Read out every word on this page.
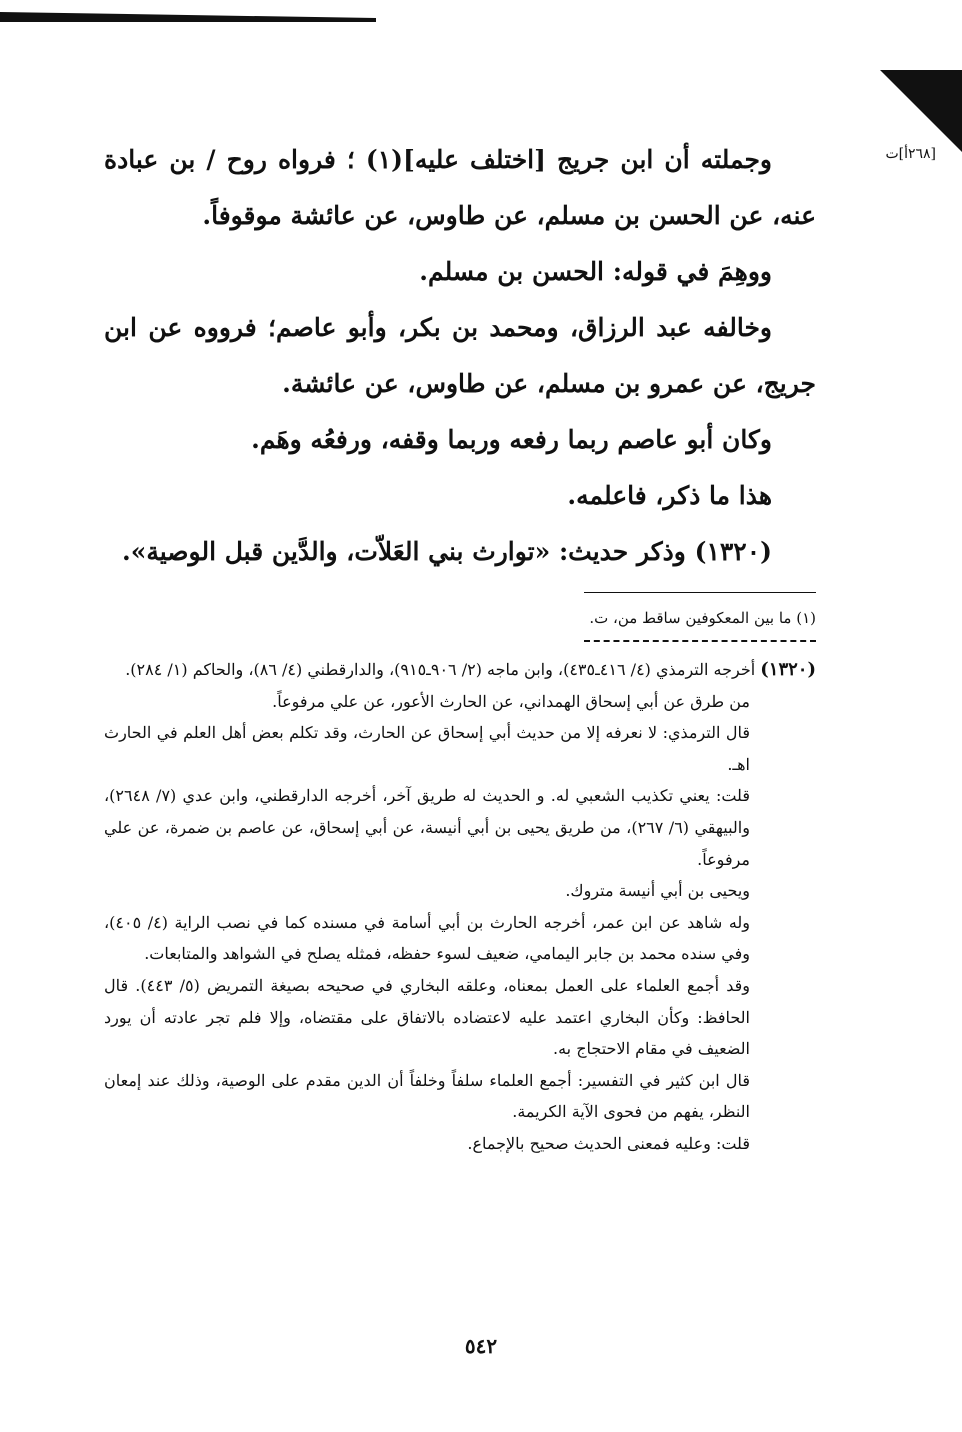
[٢٦٨أ]ت

وجملته أن ابن جريج [اختلف عليه](١) ؛ فرواه روح / بن عبادة عنه، عن الحسن بن مسلم، عن طاوس، عن عائشة موقوفاً.

ووهِمَ في قوله: الحسن بن مسلم.

وخالفه عبد الرزاق، ومحمد بن بكر، وأبو عاصم؛ فرووه عن ابن جريج، عن عمرو بن مسلم، عن طاوس، عن عائشة.

وكان أبو عاصم ربما رفعه وربما وقفه، ورفعُه وهَم.

هذا ما ذكر، فاعلمه.

(١٣٢٠) وذكر حديث: «توارث بني العَلاّت، والدَّين قبل الوصية».

(١) ما بين المعكوفين ساقط من، ت.

(١٣٢٠) أخرجه الترمذي (٤/ ٤١٦ـ٤٣٥)، وابن ماجه (٢/ ٩٠٦ـ٩١٥)، والدارقطني (٤/ ٨٦)، والحاكم (١/ ٢٨٤).

من طرق عن أبي إسحاق الهمداني، عن الحارث الأعور، عن علي مرفوعاً.

قال الترمذي: لا نعرفه إلا من حديث أبي إسحاق عن الحارث، وقد تكلم بعض أهل العلم في الحارث اهـ.

قلت: يعني تكذيب الشعبي له. و الحديث له طريق آخر، أخرجه الدارقطني، وابن عدي (٧/ ٢٦٤٨)، والبيهقي (٦/ ٢٦٧)، من طريق يحيى بن أبي أنيسة، عن أبي إسحاق، عن عاصم بن ضمرة، عن علي مرفوعاً.

ويحيى بن أبي أنيسة متروك.

وله شاهد عن ابن عمر، أخرجه الحارث بن أبي أسامة في مسنده كما في نصب الراية (٤/ ٤٠٥)، وفي سنده محمد بن جابر اليمامي، ضعيف لسوء حفظه، فمثله يصلح في الشواهد والمتابعات.

وقد أجمع العلماء على العمل بمعناه، وعلقه البخاري في صحيحه بصيغة التمريض (٥/ ٤٤٣). قال الحافظ: وكأن البخاري اعتمد عليه لاعتضاده بالاتفاق على مقتضاه، وإلا فلم تجر عادته أن يورد الضعيف في مقام الاحتجاج به.

قال ابن كثير في التفسير: أجمع العلماء سلفاً وخلفاً أن الدين مقدم على الوصية، وذلك عند إمعان النظر، يفهم من فحوى الآية الكريمة.

قلت: وعليه فمعنى الحديث صحيح بالإجماع.

٥٤٢
